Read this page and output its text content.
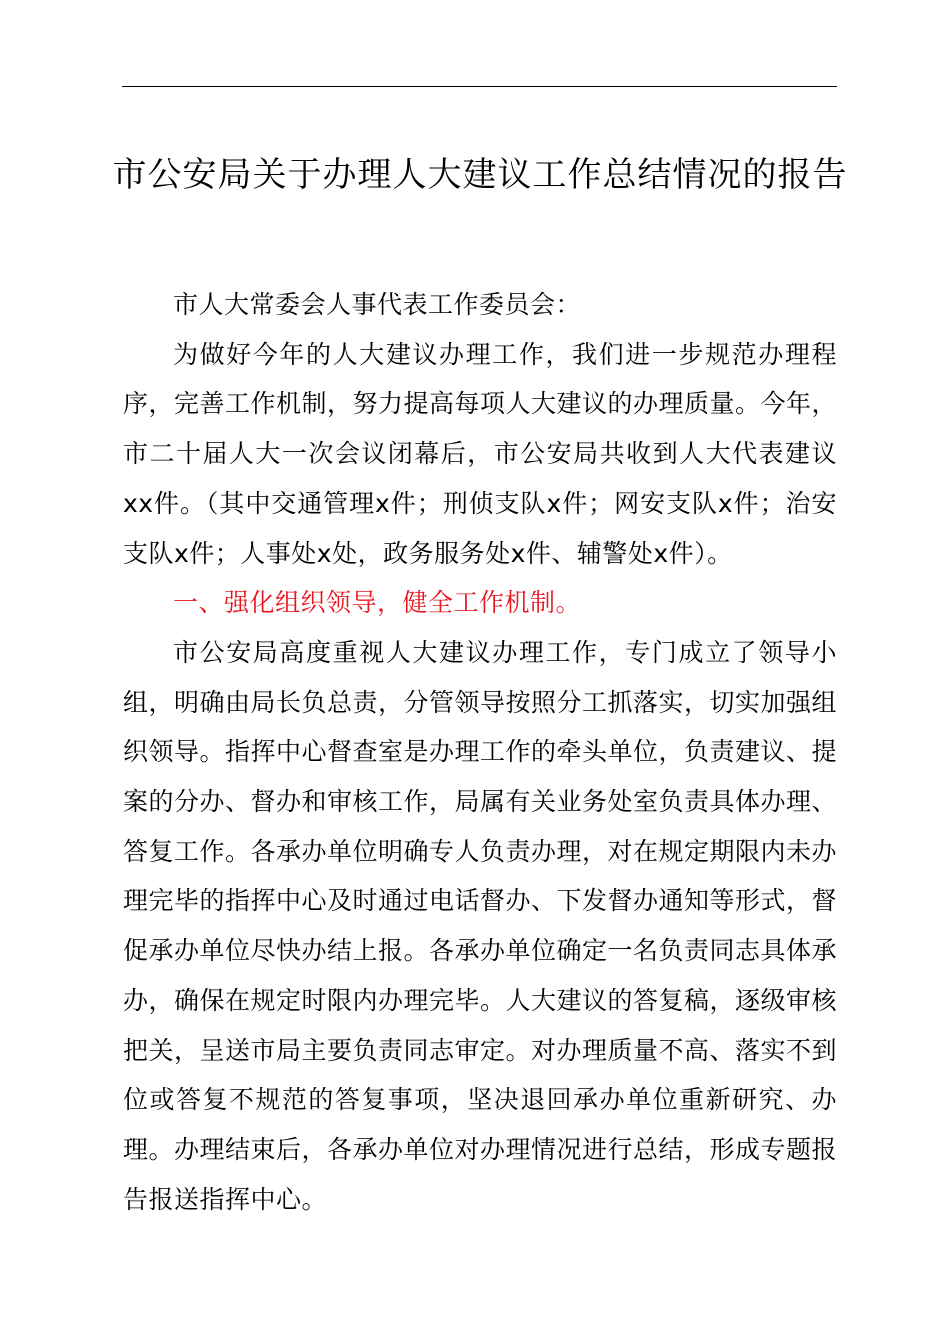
市公安局关于办理人大建议工作总结情况的报告

市人大常委会人事代表工作委员会：

为做好今年的人大建议办理工作，我们进一步规范办理程序，完善工作机制，努力提高每项人大建议的办理质量。今年，市二十届人大一次会议闭幕后，市公安局共收到人大代表建议xx件。（其中交通管理x件；刑侦支队x件；网安支队x件；治安支队x件；人事处x处，政务服务处x件、辅警处x件）。

一、强化组织领导，健全工作机制。

市公安局高度重视人大建议办理工作，专门成立了领导小组，明确由局长负总责，分管领导按照分工抓落实，切实加强组织领导。指挥中心督查室是办理工作的牵头单位，负责建议、提案的分办、督办和审核工作，局属有关业务处室负责具体办理、答复工作。各承办单位明确专人负责办理，对在规定期限内未办理完毕的指挥中心及时通过电话督办、下发督办通知等形式，督促承办单位尽快办结上报。各承办单位确定一名负责同志具体承办，确保在规定时限内办理完毕。人大建议的答复稿，逐级审核把关，呈送市局主要负责同志审定。对办理质量不高、落实不到位或答复不规范的答复事项，坚决退回承办单位重新研究、办理。办理结束后，各承办单位对办理情况进行总结，形成专题报告报送指挥中心。
